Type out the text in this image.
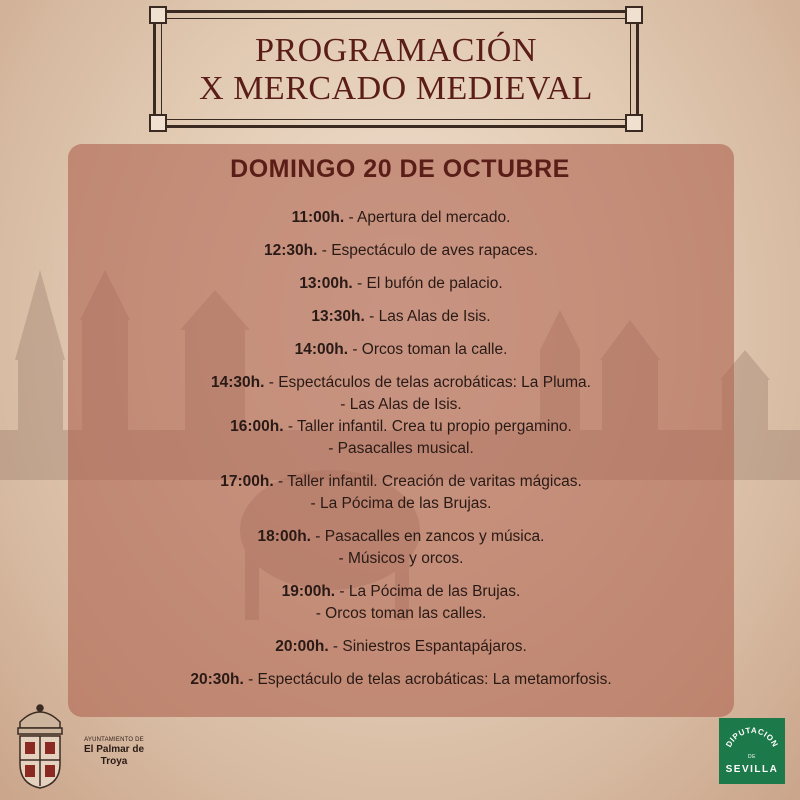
PROGRAMACIÓN
X MERCADO MEDIEVAL
DOMINGO 20 DE OCTUBRE
11:00h. - Apertura del mercado.
12:30h. - Espectáculo de aves rapaces.
13:00h. - El bufón de palacio.
13:30h. - Las Alas de Isis.
14:00h. - Orcos toman la calle.
14:30h. - Espectáculos de telas acrobáticas: La Pluma.
- Las Alas de Isis.
16:00h. - Taller infantil. Crea tu propio pergamino.
- Pasacalles musical.
17:00h. - Taller infantil. Creación de varitas mágicas.
- La Pócima de las Brujas.
18:00h. - Pasacalles en zancos y música.
- Músicos y orcos.
19:00h. - La Pócima de las Brujas.
- Orcos toman las calles.
20:00h. - Siniestros Espantapájaros.
20:30h. - Espectáculo de telas acrobáticas: La metamorfosis.
AYUNTAMIENTO DE
El Palmar de
Troya
DIPUTACION
DE
SEVILLA
